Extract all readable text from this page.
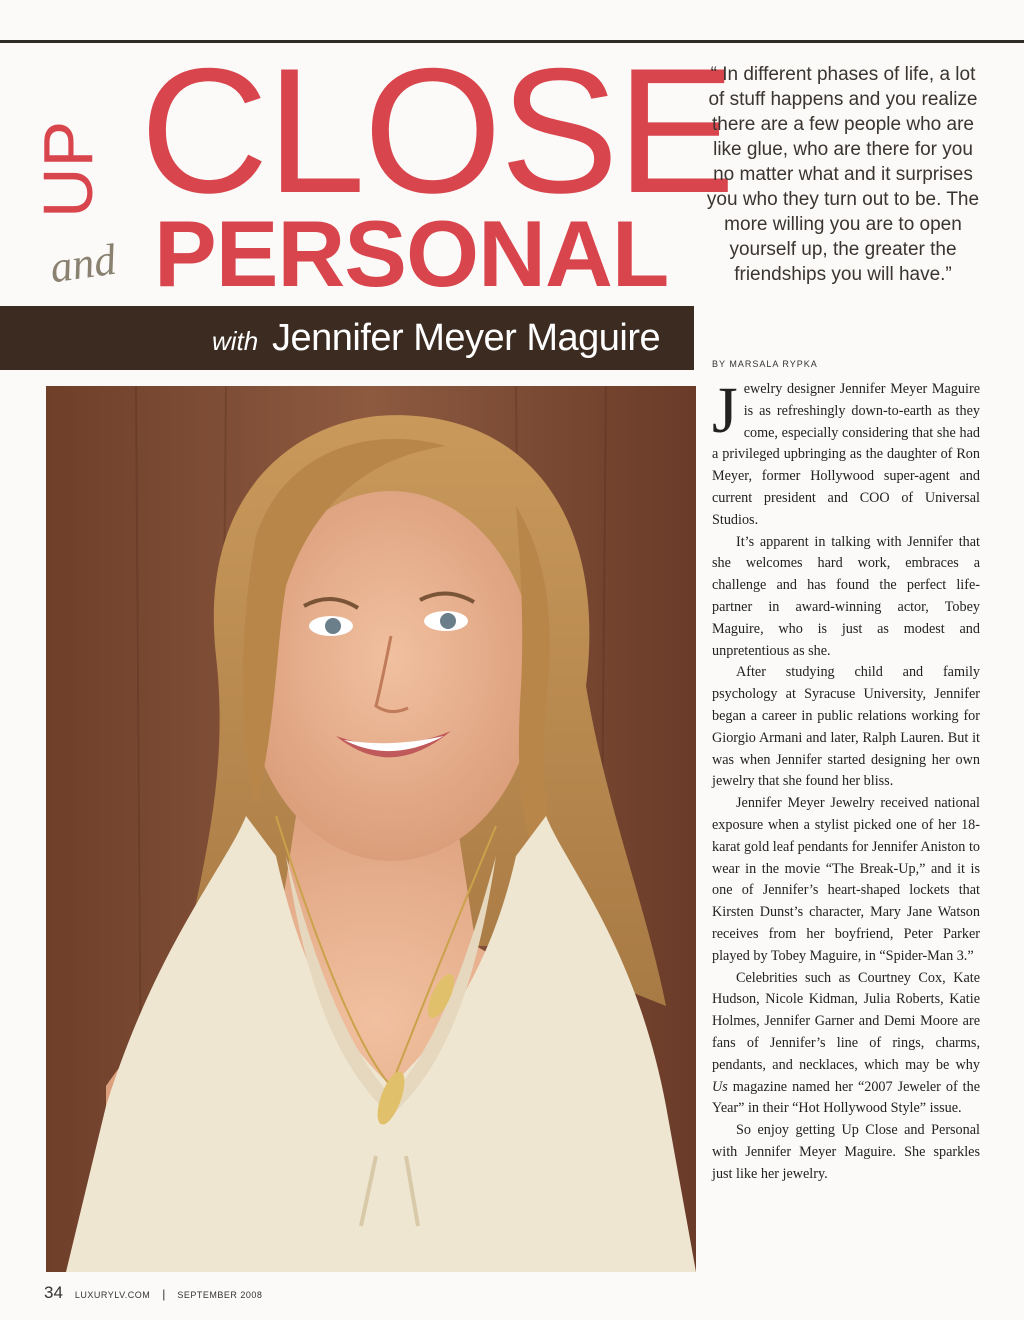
UP CLOSE
and PERSONAL
“ In different phases of life, a lot of stuff happens and you realize there are a few people who are like glue, who are there for you no matter what and it surprises you who they turn out to be. The more willing you are to open yourself up, the greater the friendships you will have.”
with Jennifer Meyer Maguire
BY MARSALA RYPKA

Jewelry designer Jennifer Meyer Maguire is as refreshingly down-to-earth as they come, especially considering that she had a privileged upbringing as the daughter of Ron Meyer, former Hollywood super-agent and current president and COO of Universal Studios.

It’s apparent in talking with Jennifer that she welcomes hard work, embraces a challenge and has found the perfect life-partner in award-winning actor, Tobey Maguire, who is just as modest and unpretentious as she.

After studying child and family psychology at Syracuse University, Jennifer began a career in public relations working for Giorgio Armani and later, Ralph Lauren. But it was when Jennifer started designing her own jewelry that she found her bliss.

Jennifer Meyer Jewelry received national exposure when a stylist picked one of her 18-karat gold leaf pendants for Jennifer Aniston to wear in the movie “The Break-Up,” and it is one of Jennifer’s heart-shaped lockets that Kirsten Dunst’s character, Mary Jane Watson receives from her boyfriend, Peter Parker played by Tobey Maguire, in “Spider-Man 3.”

Celebrities such as Courtney Cox, Kate Hudson, Nicole Kidman, Julia Roberts, Katie Holmes, Jennifer Garner and Demi Moore are fans of Jennifer’s line of rings, charms, pendants, and necklaces, which may be why Us magazine named her “2007 Jeweler of the Year” in their “Hot Hollywood Style” issue.

So enjoy getting Up Close and Personal with Jennifer Meyer Maguire. She sparkles just like her jewelry.

34 LUXURYLV.COM | SEPTEMBER 2008
